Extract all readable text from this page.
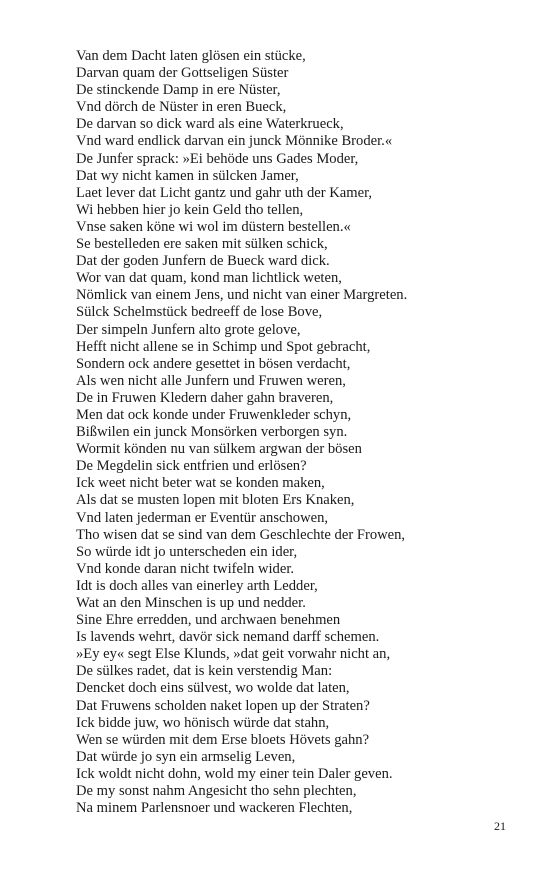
Van dem Dacht laten glösen ein stücke,
Darvan quam der Gottseligen Süster
De stinckende Damp in ere Nüster,
Vnd dörch de Nüster in eren Bueck,
De darvan so dick ward als eine Waterkrueck,
Vnd ward endlick darvan ein junck Mönnike Broder.«
De Junfer sprack: »Ei behöde uns Gades Moder,
Dat wy nicht kamen in sülcken Jamer,
Laet lever dat Licht gantz und gahr uth der Kamer,
Wi hebben hier jo kein Geld tho tellen,
Vnse saken köne wi wol im düstern bestellen.«
Se bestelleden ere saken mit sülken schick,
Dat der goden Junfern de Bueck ward dick.
Wor van dat quam, kond man lichtlick weten,
Nömlick van einem Jens, und nicht van einer Margreten.
Sülck Schelmstück bedreeff de lose Bove,
Der simpeln Junfern alto grote gelove,
Hefft nicht allene se in Schimp und Spot gebracht,
Sondern ock andere gesettet in bösen verdacht,
Als wen nicht alle Junfern und Fruwen weren,
De in Fruwen Kledern daher gahn braveren,
Men dat ock konde under Fruwenkleder schyn,
Bißwilen ein junck Monsörken verborgen syn.
Wormit könden nu van sülkem argwan der bösen
De Megdelin sick entfrien und erlösen?
Ick weet nicht beter wat se konden maken,
Als dat se musten lopen mit bloten Ers Knaken,
Vnd laten jederman er Eventür anschowen,
Tho wisen dat se sind van dem Geschlechte der Frowen,
So würde idt jo unterscheden ein ider,
Vnd konde daran nicht twifeln wider.
Idt is doch alles van einerley arth Ledder,
Wat an den Minschen is up und nedder.
Sine Ehre erredden, und archwaen benehmen
Is lavends wehrt, davör sick nemand darff schemen.
»Ey ey« segt Else Klunds, »dat geit vorwahr nicht an,
De sülkes radet, dat is kein verstendig Man:
Dencket doch eins sülvest, wo wolde dat laten,
Dat Fruwens scholden naket lopen up der Straten?
Ick bidde juw, wo hönisch würde dat stahn,
Wen se würden mit dem Erse bloets Hövets gahn?
Dat würde jo syn ein armselig Leven,
Ick woldt nicht dohn, wold my einer tein Daler geven.
De my sonst nahm Angesicht tho sehn plechten,
Na minem Parlensnoer und wackeren Flechten,
21
